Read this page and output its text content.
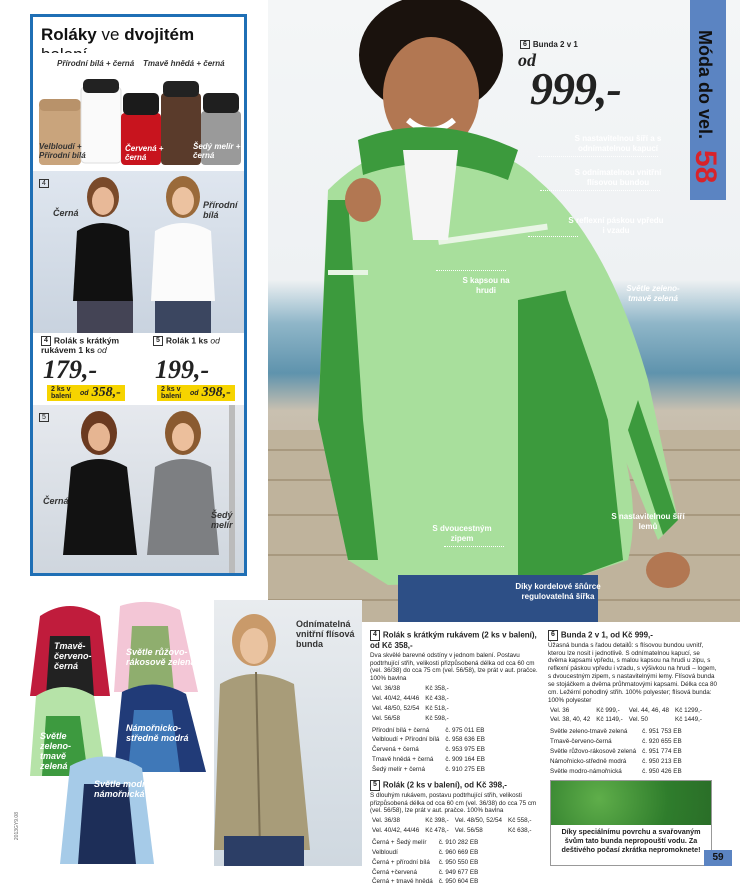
Roláky ve dvojitém
Přírodní bílá + černá Tmavě hnědá + černá
Velbloudí + Přírodní bílá
Červená + černá
Šedý melír + černá
4
Černá
Přírodní bílá
4 Rolák s krátkým rukávem 1 ks od
179,-
2 ks v balení	od 358,-
5 Rolák 1 ks od
199,-
2 ks v balení	od 398,-
5
Černá
Šedý melír
6 Bunda 2 v 1
od
999,-
S nastavitelnou šíří a s odnímatelnou kapucí
S odnímatelnou vnitřní flísovou bundou
S reflexní páskou vpředu i vzadu
S kapsou na hrudi	Světle zeleno-tmavě zelená
S dvoucestným zipem
S nastavitelnou šíří lemů
Díky kordelové šňůrce regulovatelná šířka
Móda do vel. 58
Tmavě-červeno-černá
Světle růžovo-rákosově zelená
Námořnicko-středně modrá
Světle zeleno-tmavě zelená
Světle modro-námořnická
2013GY9.08
Odnímatelná vnitřní flísová bunda
4 Rolák s krátkým rukávem (2 ks v balení), od Kč 358,-
Dva skvělé barevné odstíny v jednom balení. Postavu podtrhující střih, velikosti přizpůsobená délka od cca 60 cm (vel. 36/38) do cca 75 cm (vel. 56/58), lze prát v aut. pračce. 100% bavlna
Vel. 36/38	Kč 358,-
Vel. 40/42, 44/46	Kč 438,-
Vel. 48/50, 52/54	Kč 518,-
Vel. 56/58	Kč 598,-
Přírodní bílá + černá	č. 975 011 EB
Velbloudí + Přírodní bílá	č. 958 636 EB
Červená + černá	č. 953 975 EB
Tmavě hnědá + černá	č. 909 164 EB
Šedý melír + černá	č. 910 275 EB
5 Rolák (2 ks v balení), od Kč 398,-
S dlouhým rukávem, postavu podtrhující střih, velikosti přizpůsobená délka od cca 60 cm (vel. 36/38) do cca 75 cm (vel. 56/58), lze prát v aut. pračce. 100% bavlna
Vel. 36/38	Kč 398,-	Vel. 48/50, 52/54	Kč 558,-
Vel. 40/42, 44/46	Kč 478,-	Vel. 56/58	Kč 638,-
Černá + Šedý melír	č. 910 282 EB
Velbloudí	č. 960 669 EB
Černá + přírodní bílá	č. 950 550 EB
Černá +červená	č. 949 677 EB
Černá + tmavě hnědá	č. 950 604 EB
6 Bunda 2 v 1, od Kč 999,-
Úžasná bunda s řadou detailů: s flísovou bundou uvnitř, kterou lze nosit i jednotlivě. S odnímatelnou kapucí, se dvěma kapsami vpředu, s malou kapsou na hrudi u zipu, s reflexní páskou vpředu i vzadu, s výšivkou na hrudi – logem, s dvoucestným zipem, s nastavitelnými lemy. Flísová bunda se stojáčkem a dvěma průhmatovými kapsami. Délka cca 80 cm. Ležérní pohodlný střih. 100% polyester; flísová bunda: 100% polyester
Vel. 36	Kč 999,-	Vel. 44, 46, 48	Kč 1299,-
Vel. 38, 40, 42	Kč 1149,-	Vel. 50	Kč 1449,-
Světle zeleno-tmavě zelená	č. 951 753 EB
Tmavě-červeno-černá	č. 920 655 EB
Světle růžovo-rákosově zelená	č. 951 774 EB
Námořnicko-středně modrá	č. 950 213 EB
Světle modro-námořnická	č. 950 426 EB
Díky speciálnímu povrchu a svařovaným švům tato bunda nepropouští vodu. Za deštivého počasí zkrátka nepromoknete!
59
